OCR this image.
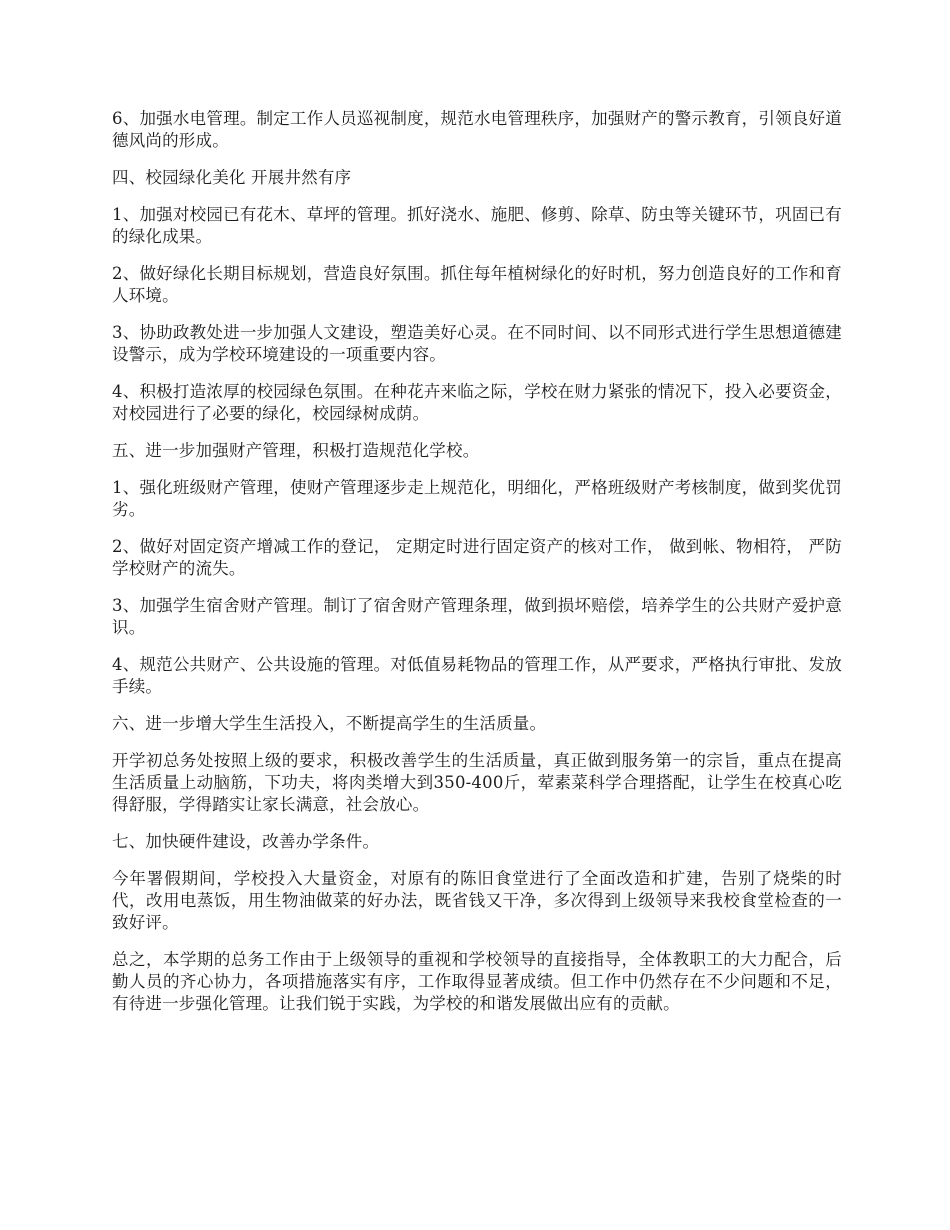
6、加强水电管理。制定工作人员巡视制度，规范水电管理秩序，加强财产的警示教育，引领良好道德风尚的形成。

四、校园绿化美化 开展井然有序

1、加强对校园已有花木、草坪的管理。抓好浇水、施肥、修剪、除草、防虫等关键环节，巩固已有的绿化成果。

2、做好绿化长期目标规划，营造良好氛围。抓住每年植树绿化的好时机，努力创造良好的工作和育人环境。

3、协助政教处进一步加强人文建设，塑造美好心灵。在不同时间、以不同形式进行学生思想道德建设警示，成为学校环境建设的一项重要内容。

4、积极打造浓厚的校园绿色氛围。在种花卉来临之际，学校在财力紧张的情况下，投入必要资金，对校园进行了必要的绿化，校园绿树成荫。

五、进一步加强财产管理，积极打造规范化学校。

1、强化班级财产管理，使财产管理逐步走上规范化，明细化，严格班级财产考核制度，做到奖优罚劣。

2、做好对固定资产增减工作的登记， 定期定时进行固定资产的核对工作， 做到帐、物相符， 严防学校财产的流失。

3、加强学生宿舍财产管理。制订了宿舍财产管理条理，做到损坏赔偿，培养学生的公共财产爱护意识。

4、规范公共财产、公共设施的管理。对低值易耗物品的管理工作，从严要求，严格执行审批、发放手续。

六、进一步增大学生生活投入，不断提高学生的生活质量。

开学初总务处按照上级的要求，积极改善学生的生活质量，真正做到服务第一的宗旨，重点在提高生活质量上动脑筋，下功夫，将肉类增大到350-400斤，荤素菜科学合理搭配，让学生在校真心吃得舒服，学得踏实让家长满意，社会放心。

七、加快硬件建设，改善办学条件。

今年署假期间，学校投入大量资金，对原有的陈旧食堂进行了全面改造和扩建，告别了烧柴的时代，改用电蒸饭，用生物油做菜的好办法，既省钱又干净，多次得到上级领导来我校食堂检查的一致好评。

总之，本学期的总务工作由于上级领导的重视和学校领导的直接指导，全体教职工的大力配合，后勤人员的齐心协力，各项措施落实有序，工作取得显著成绩。但工作中仍然存在不少问题和不足，有待进一步强化管理。让我们锐于实践，为学校的和谐发展做出应有的贡献。
